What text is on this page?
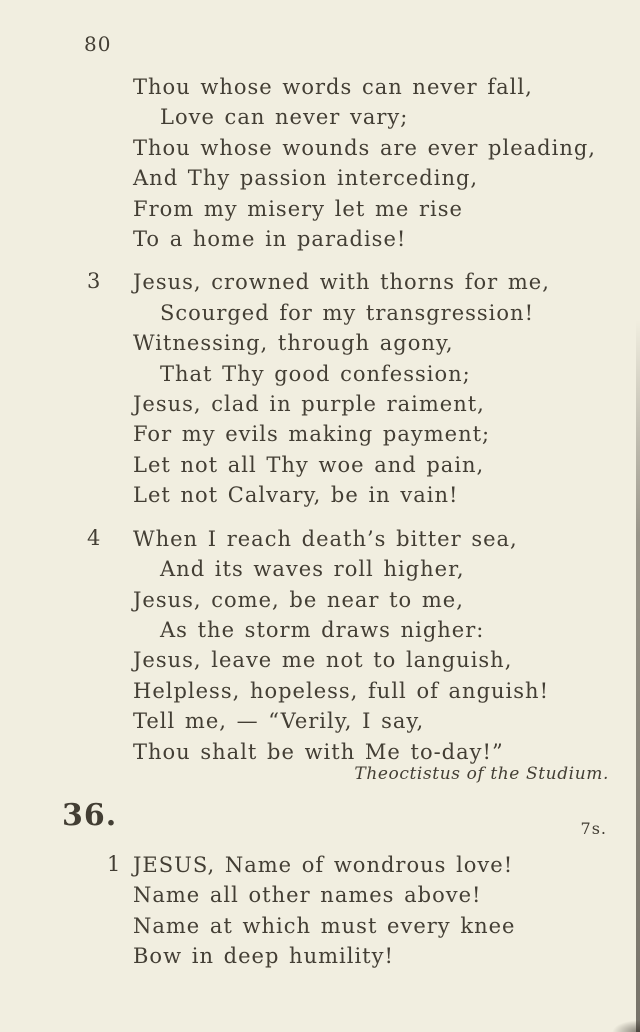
80
Thou whose words can never fall,
Love can never vary;
Thou whose wounds are ever pleading,
And Thy passion interceding,
From my misery let me rise
To a home in paradise!
3 Jesus, crowned with thorns for me,
Scourged for my transgression!
Witnessing, through agony,
That Thy good confession;
Jesus, clad in purple raiment,
For my evils making payment;
Let not all Thy woe and pain,
Let not Calvary, be in vain!
4 When I reach death’s bitter sea,
And its waves roll higher,
Jesus, come, be near to me,
As the storm draws nigher:
Jesus, leave me not to languish,
Helpless, hopeless, full of anguish!
Tell me, — “Verily, I say,
Thou shalt be with Me to-day!”
Theoctistus of the Studium.
36.	7s.
1 JESUS, Name of wondrous love!
Name all other names above!
Name at which must every knee
Bow in deep humility!
